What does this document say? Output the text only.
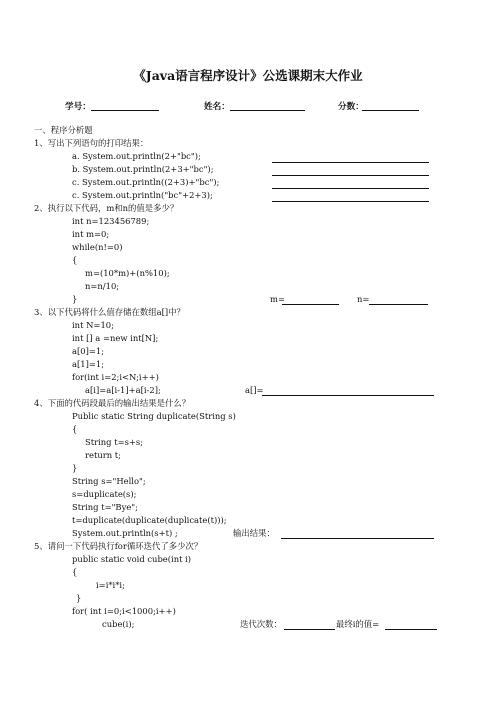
《Java语言程序设计》公选课期末大作业
学号：	姓名：	分数：
一、程序分析题
1、写出下列语句的打印结果：
a. System.out.println(2+"bc");
b. System.out.println(2+3+"bc");
c. System.out.println((2+3)+"bc");
c. System.out.println("bc"+2+3);
2、执行以下代码，m和n的值是多少？
int n=123456789;
int m=0;
while(n!=0)
{
m=(10*m)+(n%10);
n=n/10;
}	m=	n=
3、以下代码将什么值存储在数组a[]中？
int N=10;
int [] a =new int[N];
a[0]=1;
a[1]=1;
for(int i=2;i<N;i++)
a[i]=a[i-1]+a[i-2];	a[]=
4、下面的代码段最后的输出结果是什么？
Public static String duplicate(String s)
{
String t=s+s;
return t;
}
String s="Hello";
s=duplicate(s);
String t="Bye";
t=duplicate(duplicate(duplicate(t)));
System.out.println(s+t) ;	输出结果：
5、请问一下代码执行for循环迭代了多少次？
public static void cube(int i)
{
i=i*i*i;
}
for( int i=0;i<1000;i++)
cube(i);	迭代次数：	最终i的值=
